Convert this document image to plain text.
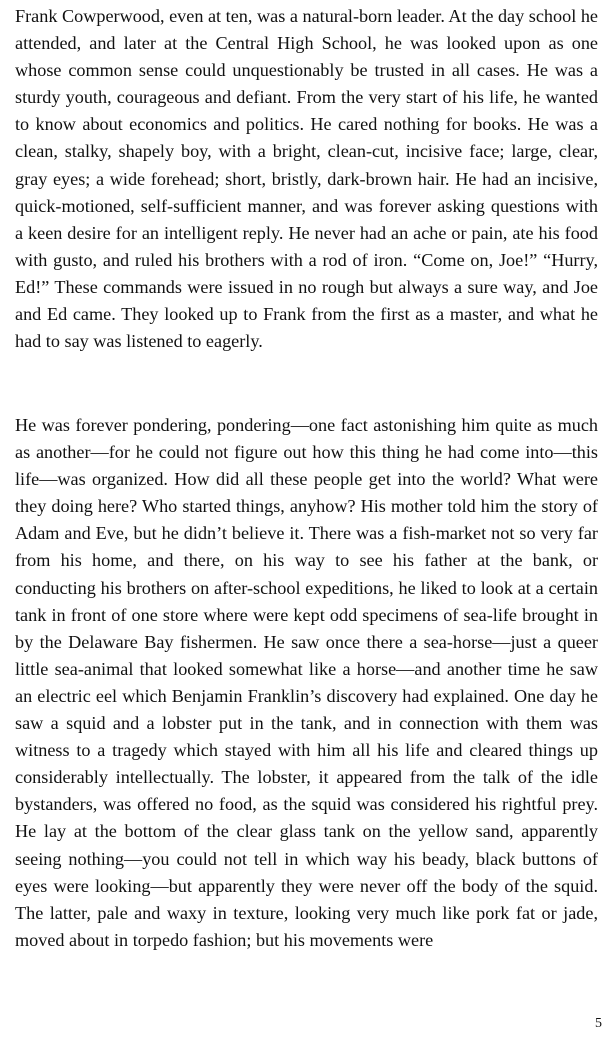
Frank Cowperwood, even at ten, was a natural-born leader. At the day school he attended, and later at the Central High School, he was looked upon as one whose common sense could unquestionably be trusted in all cases. He was a sturdy youth, courageous and defiant. From the very start of his life, he wanted to know about economics and politics. He cared nothing for books. He was a clean, stalky, shapely boy, with a bright, clean-cut, incisive face; large, clear, gray eyes; a wide forehead; short, bristly, dark-brown hair. He had an incisive, quick-motioned, self-sufficient manner, and was forever asking questions with a keen desire for an intelligent reply. He never had an ache or pain, ate his food with gusto, and ruled his brothers with a rod of iron. “Come on, Joe!” “Hurry, Ed!” These commands were issued in no rough but always a sure way, and Joe and Ed came. They looked up to Frank from the first as a master, and what he had to say was listened to eagerly.

He was forever pondering, pondering—one fact astonishing him quite as much as another—for he could not figure out how this thing he had come into—this life—was organized. How did all these people get into the world? What were they doing here? Who started things, anyhow? His mother told him the story of Adam and Eve, but he didn’t believe it. There was a fish-market not so very far from his home, and there, on his way to see his father at the bank, or conducting his brothers on after-school expeditions, he liked to look at a certain tank in front of one store where were kept odd specimens of sea-life brought in by the Delaware Bay fishermen. He saw once there a sea-horse—just a queer little sea-animal that looked somewhat like a horse—and another time he saw an electric eel which Benjamin Franklin’s discovery had explained. One day he saw a squid and a lobster put in the tank, and in connection with them was witness to a tragedy which stayed with him all his life and cleared things up considerably intellectually. The lobster, it appeared from the talk of the idle bystanders, was offered no food, as the squid was considered his rightful prey. He lay at the bottom of the clear glass tank on the yellow sand, apparently seeing nothing—you could not tell in which way his beady, black buttons of eyes were looking—but apparently they were never off the body of the squid. The latter, pale and waxy in texture, looking very much like pork fat or jade, moved about in torpedo fashion; but his movements were

5
